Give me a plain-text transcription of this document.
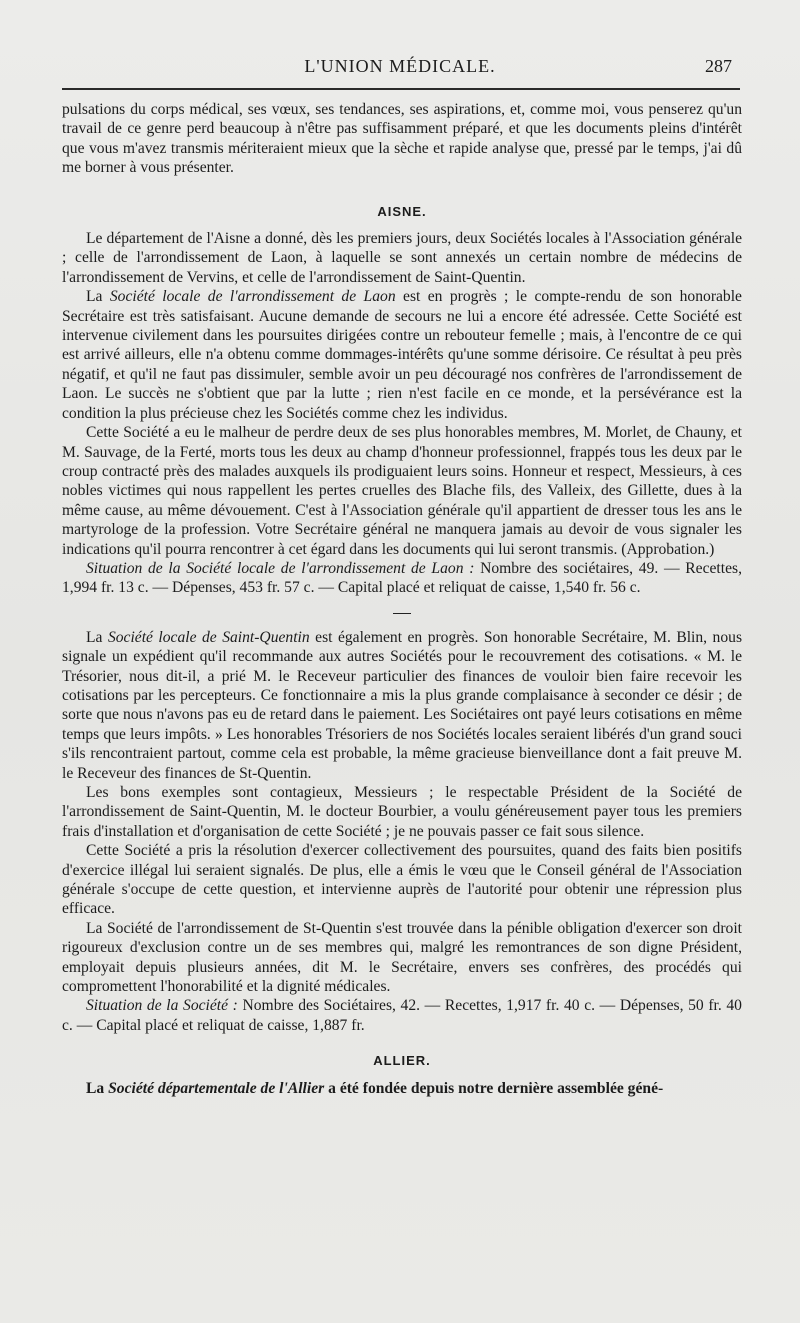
L'UNION MÉDICALE.	287

pulsations du corps médical, ses vœux, ses tendances, ses aspirations, et, comme moi, vous penserez qu'un travail de ce genre perd beaucoup à n'être pas suffisamment préparé, et que les documents pleins d'intérêt que vous m'avez transmis mériteraient mieux que la sèche et rapide analyse que, pressé par le temps, j'ai dû me borner à vous présenter.

AISNE.

Le département de l'Aisne a donné, dès les premiers jours, deux Sociétés locales à l'Association générale ; celle de l'arrondissement de Laon, à laquelle se sont annexés un certain nombre de médecins de l'arrondissement de Vervins, et celle de l'arrondissement de Saint-Quentin.

La Société locale de l'arrondissement de Laon est en progrès ; le compte-rendu de son honorable Secrétaire est très satisfaisant. Aucune demande de secours ne lui a encore été adressée. Cette Société est intervenue civilement dans les poursuites dirigées contre un rebouteur femelle ; mais, à l'encontre de ce qui est arrivé ailleurs, elle n'a obtenu comme dommages-intérêts qu'une somme dérisoire. Ce résultat à peu près négatif, et qu'il ne faut pas dissimuler, semble avoir un peu découragé nos confrères de l'arrondissement de Laon. Le succès ne s'obtient que par la lutte ; rien n'est facile en ce monde, et la persévérance est la condition la plus précieuse chez les Sociétés comme chez les individus.

Cette Société a eu le malheur de perdre deux de ses plus honorables membres, M. Morlet, de Chauny, et M. Sauvage, de la Ferté, morts tous les deux au champ d'honneur professionnel, frappés tous les deux par le croup contracté près des malades auxquels ils prodiguaient leurs soins. Honneur et respect, Messieurs, à ces nobles victimes qui nous rappellent les pertes cruelles des Blache fils, des Valleix, des Gillette, dues à la même cause, au même dévouement. C'est à l'Association générale qu'il appartient de dresser tous les ans le martyrologe de la profession. Votre Secrétaire général ne manquera jamais au devoir de vous signaler les indications qu'il pourra rencontrer à cet égard dans les documents qui lui seront transmis. (Approbation.)

Situation de la Société locale de l'arrondissement de Laon : Nombre des sociétaires, 49. — Recettes, 1,994 fr. 13 c. — Dépenses, 453 fr. 57 c. — Capital placé et reliquat de caisse, 1,540 fr. 56 c.

La Société locale de Saint-Quentin est également en progrès. Son honorable Secrétaire, M. Blin, nous signale un expédient qu'il recommande aux autres Sociétés pour le recouvrement des cotisations. « M. le Trésorier, nous dit-il, a prié M. le Receveur particulier des finances de vouloir bien faire recevoir les cotisations par les percepteurs. Ce fonctionnaire a mis la plus grande complaisance à seconder ce désir ; de sorte que nous n'avons pas eu de retard dans le paiement. Les Sociétaires ont payé leurs cotisations en même temps que leurs impôts. » Les honorables Trésoriers de nos Sociétés locales seraient libérés d'un grand souci s'ils rencontraient partout, comme cela est probable, la même gracieuse bienveillance dont a fait preuve M. le Receveur des finances de St-Quentin.

Les bons exemples sont contagieux, Messieurs ; le respectable Président de la Société de l'arrondissement de Saint-Quentin, M. le docteur Bourbier, a voulu généreusement payer tous les premiers frais d'installation et d'organisation de cette Société ; je ne pouvais passer ce fait sous silence.

Cette Société a pris la résolution d'exercer collectivement des poursuites, quand des faits bien positifs d'exercice illégal lui seraient signalés. De plus, elle a émis le vœu que le Conseil général de l'Association générale s'occupe de cette question, et intervienne auprès de l'autorité pour obtenir une répression plus efficace.

La Société de l'arrondissement de St-Quentin s'est trouvée dans la pénible obligation d'exercer son droit rigoureux d'exclusion contre un de ses membres qui, malgré les remontrances de son digne Président, employait depuis plusieurs années, dit M. le Secrétaire, envers ses confrères, des procédés qui compromettent l'honorabilité et la dignité médicales.

Situation de la Société : Nombre des Sociétaires, 42. — Recettes, 1,917 fr. 40 c. — Dépenses, 50 fr. 40 c. — Capital placé et reliquat de caisse, 1,887 fr.

ALLIER.

La Société départementale de l'Allier a été fondée depuis notre dernière assemblée géné-
